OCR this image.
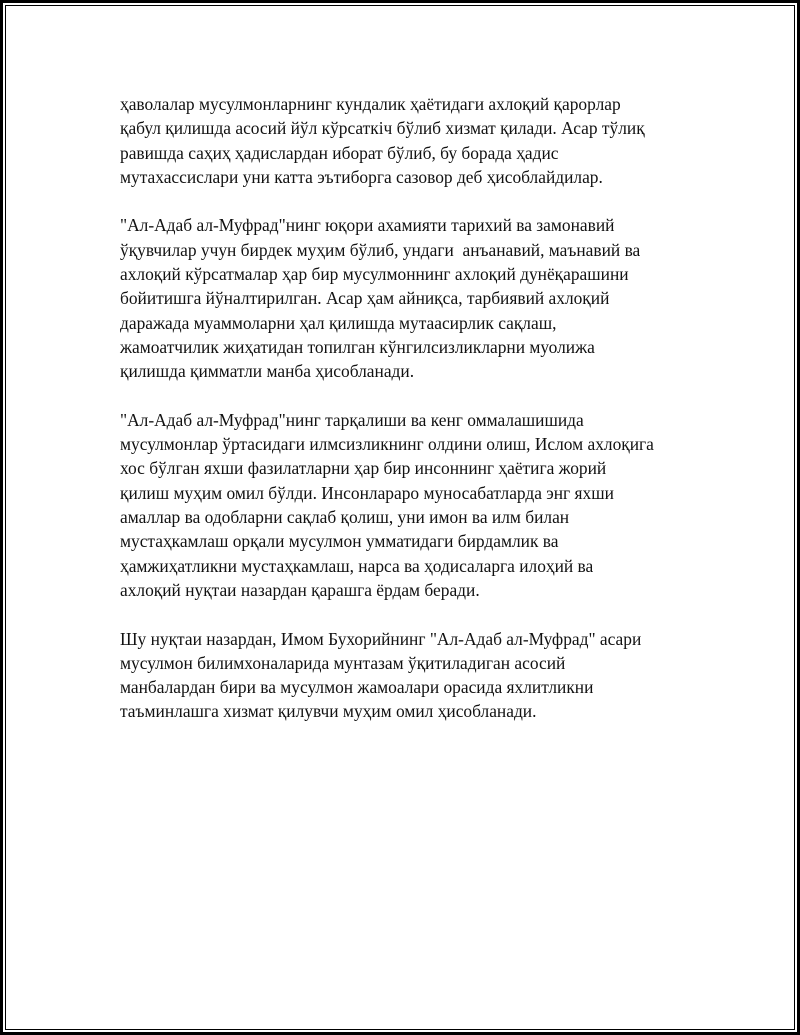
ҳаволалар мусулмонларнинг кундалик ҳаётидаги ахлоқий қарорлар
қабул қилишда асосий йўл кўрсаткіч бўлиб хизмат қилади. Асар тўлиқ
равишда саҳиҳ ҳадислардан иборат бўлиб, бу борада ҳадис
мутахассислари уни катта эътиборга сазовор деб ҳисоблайдилар.

"Ал-Адаб ал-Муфрад"нинг юқори ахамияти тарихий ва замонавий
ўқувчилар учун бирдек муҳим бўлиб, ундаги  анъанавий, маънавий ва
ахлоқий кўрсатмалар ҳар бир мусулмоннинг ахлоқий дунёқарашини
бойитишга йўналтирилган. Асар ҳам айниқса, тарбиявий ахлоқий
даражада муаммоларни ҳал қилишда мутаасирлик сақлаш,
жамоатчилик жиҳатидан топилган кўнгилсизликларни муолижа
қилишда қимматли манба ҳисобланади.

"Ал-Адаб ал-Муфрад"нинг тарқалиши ва кенг оммалашишида
мусулмонлар ўртасидаги илмсизликнинг олдини олиш, Ислом ахлоқига
хос бўлган яхши фазилатларни ҳар бир инсоннинг ҳаётига жорий
қилиш муҳим омил бўлди. Инсонлараро муносабатларда энг яхши
амаллар ва одобларни сақлаб қолиш, уни имон ва илм билан
мустаҳкамлаш орқали мусулмон умматидаги бирдамлик ва
ҳамжиҳатликни мустаҳкамлаш, нарса ва ҳодисаларга илоҳий ва
ахлоқий нуқтаи назардан қарашга ёрдам беради.

Шу нуқтаи назардан, Имом Бухорийнинг "Ал-Адаб ал-Муфрад" асари
мусулмон билимхоналарида мунтазам ўқитиладиган асосий
манбалардан бири ва мусулмон жамоалари орасида яхлитликни
таъминлашга хизмат қилувчи муҳим омил ҳисобланади.
